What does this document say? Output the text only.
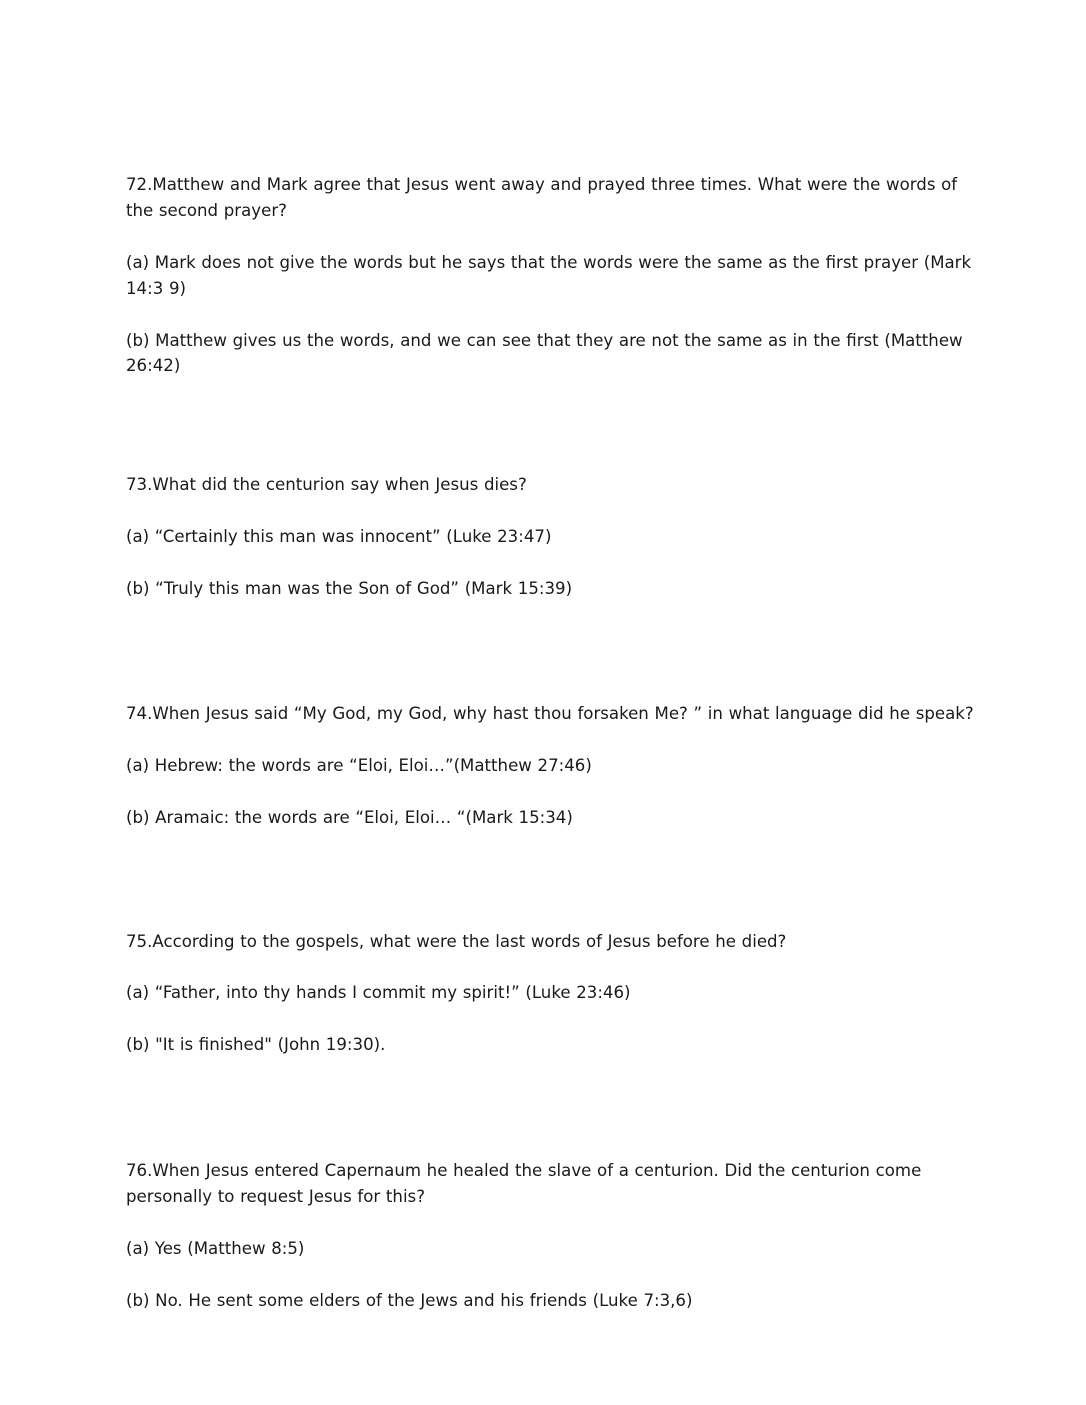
72.Matthew and Mark agree that Jesus went away and prayed three times. What were the words of the second prayer?

(a) Mark does not give the words but he says that the words were the same as the first prayer (Mark 14:3 9)

(b) Matthew gives us the words, and we can see that they are not the same as in the first (Matthew 26:42)

73.What did the centurion say when Jesus dies?

(a) “Certainly this man was innocent” (Luke 23:47)

(b) “Truly this man was the Son of God” (Mark 15:39)

74.When Jesus said “My God, my God, why hast thou forsaken Me? ” in what language did he speak?

(a) Hebrew: the words are “Eloi, Eloi…”(Matthew 27:46)

(b) Aramaic: the words are “Eloi, Eloi… “(Mark 15:34)

75.According to the gospels, what were the last words of Jesus before he died?

(a) “Father, into thy hands I commit my spirit!” (Luke 23:46)

(b) "It is finished" (John 19:30).

76.When Jesus entered Capernaum he healed the slave of a centurion. Did the centurion come personally to request Jesus for this?

(a) Yes (Matthew 8:5)

(b) No. He sent some elders of the Jews and his friends (Luke 7:3,6)
